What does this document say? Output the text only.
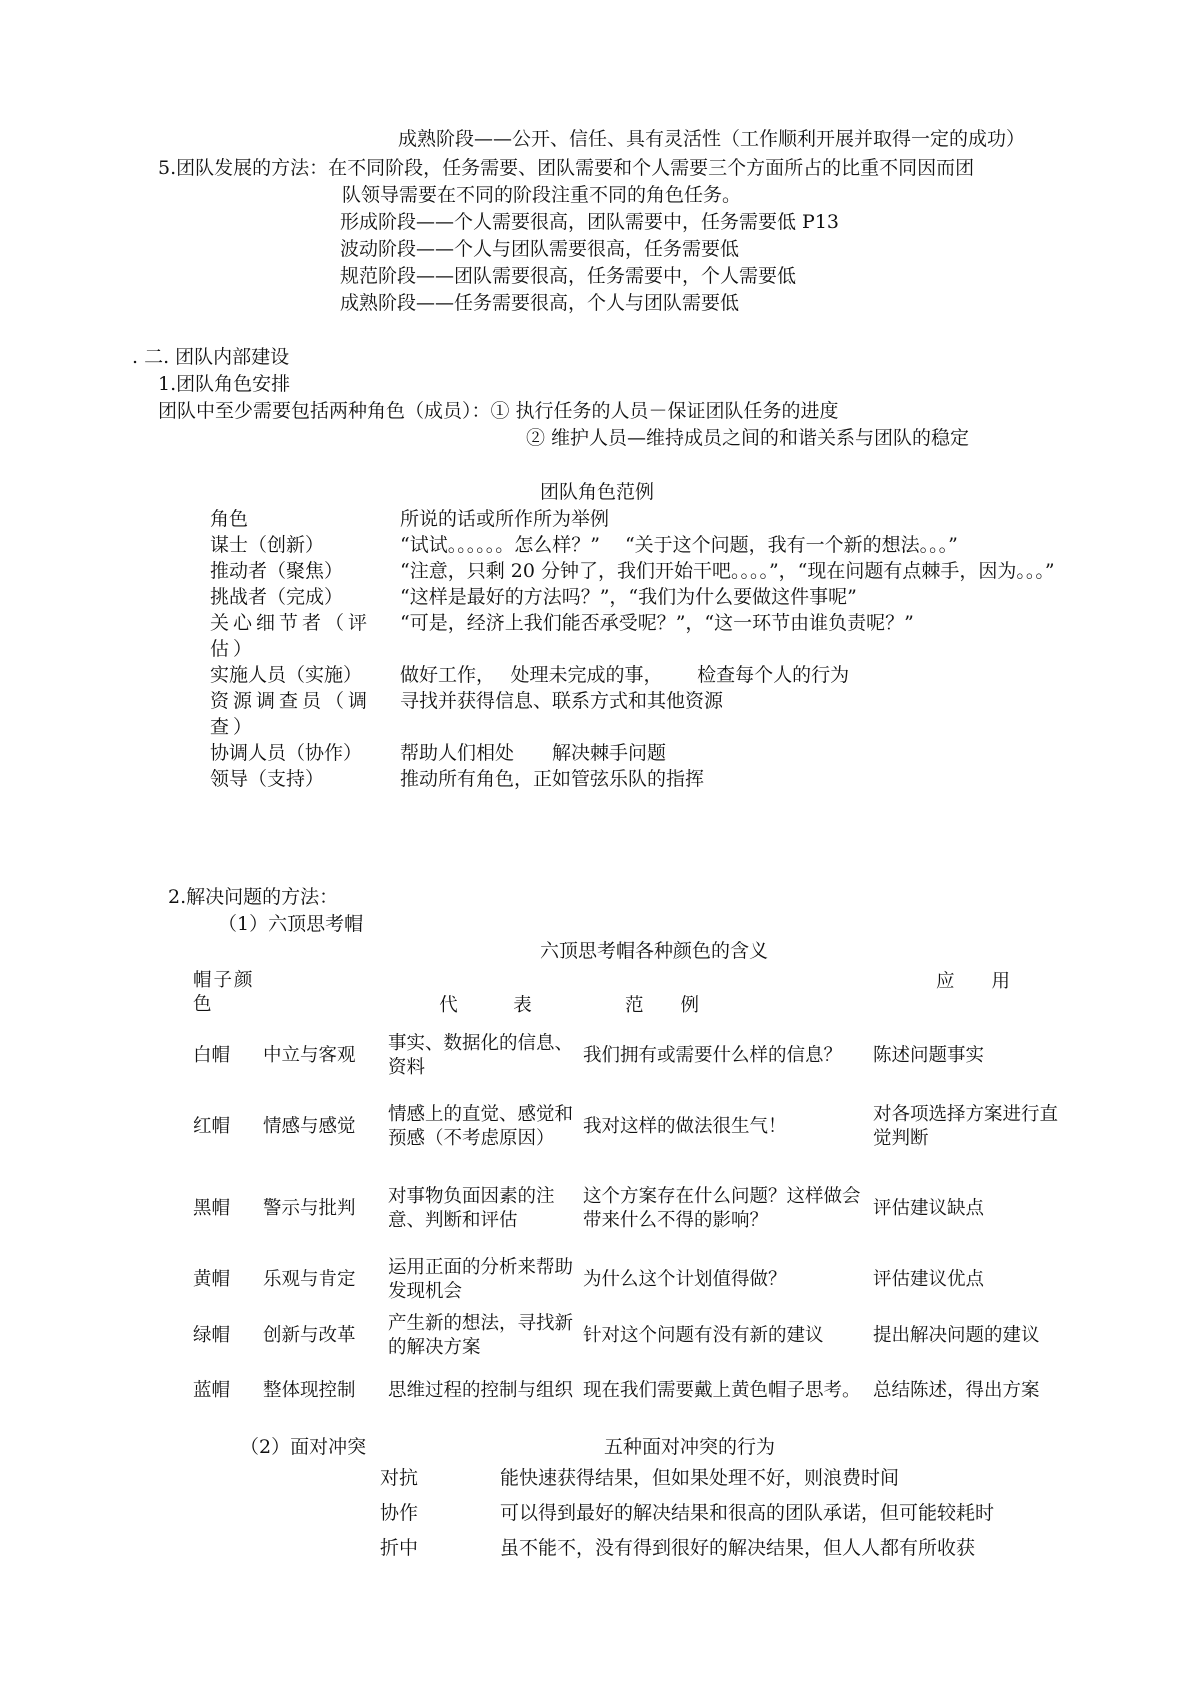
成熟阶段——公开、信任、具有灵活性（工作顺利开展并取得一定的成功）
5.团队发展的方法：在不同阶段，任务需要、团队需要和个人需要三个方面所占的比重不同因而团
队领导需要在不同的阶段注重不同的角色任务。
形成阶段——个人需要很高，团队需要中，任务需要低 P13
波动阶段——个人与团队需要很高，任务需要低
规范阶段——团队需要很高，任务需要中，个人需要低
成熟阶段——任务需要很高，个人与团队需要低
. 二. 团队内部建设
1.团队角色安排
团队中至少需要包括两种角色（成员）：① 执行任务的人员－保证团队任务的进度
② 维护人员—维持成员之间的和谐关系与团队的稳定
团队角色范例
角色	所说的话或所作所为举例
谋士（创新）	“试试。。。。。。怎么样？”　 “关于这个问题，我有一个新的想法。。。”
推动者（聚焦）	“注意，只剩 20 分钟了，我们开始干吧。。。。”，“现在问题有点棘手，因为。。。”
挑战者（完成）	“这样是最好的方法吗？”，“我们为什么要做这件事呢”
关心细节者（评估）	“可是，经济上我们能否承受呢？”，“这一环节由谁负责呢？”
实施人员（实施）	做好工作，　 处理未完成的事，　　 检查每个人的行为
资源调查员（调查）	寻找并获得信息、联系方式和其他资源
协调人员（协作）	帮助人们相处　　解决棘手问题
领导（支持）	推动所有角色，正如管弦乐队的指挥
2.解决问题的方法：
（1）六顶思考帽
六顶思考帽各种颜色的含义
帽子颜色		代　　　表	范　　例	应　　用
白帽	中立与客观	事实、数据化的信息、资料	我们拥有或需要什么样的信息？	陈述问题事实
红帽	情感与感觉	情感上的直觉、感觉和预感（不考虑原因）	我对这样的做法很生气！	对各项选择方案进行直觉判断
黑帽	警示与批判	对事物负面因素的注意、判断和评估	这个方案存在什么问题？这样做会带来什么不得的影响？	评估建议缺点
黄帽	乐观与肯定	运用正面的分析来帮助发现机会	为什么这个计划值得做？	评估建议优点
绿帽	创新与改革	产生新的想法，寻找新的解决方案	针对这个问题有没有新的建议	提出解决问题的建议
蓝帽	整体现控制	思维过程的控制与组织	现在我们需要戴上黄色帽子思考。	总结陈述，得出方案
（2）面对冲突	五种面对冲突的行为
对抗	能快速获得结果，但如果处理不好，则浪费时间
协作	可以得到最好的解决结果和很高的团队承诺，但可能较耗时
折中	虽不能不，没有得到很好的解决结果，但人人都有所收获
